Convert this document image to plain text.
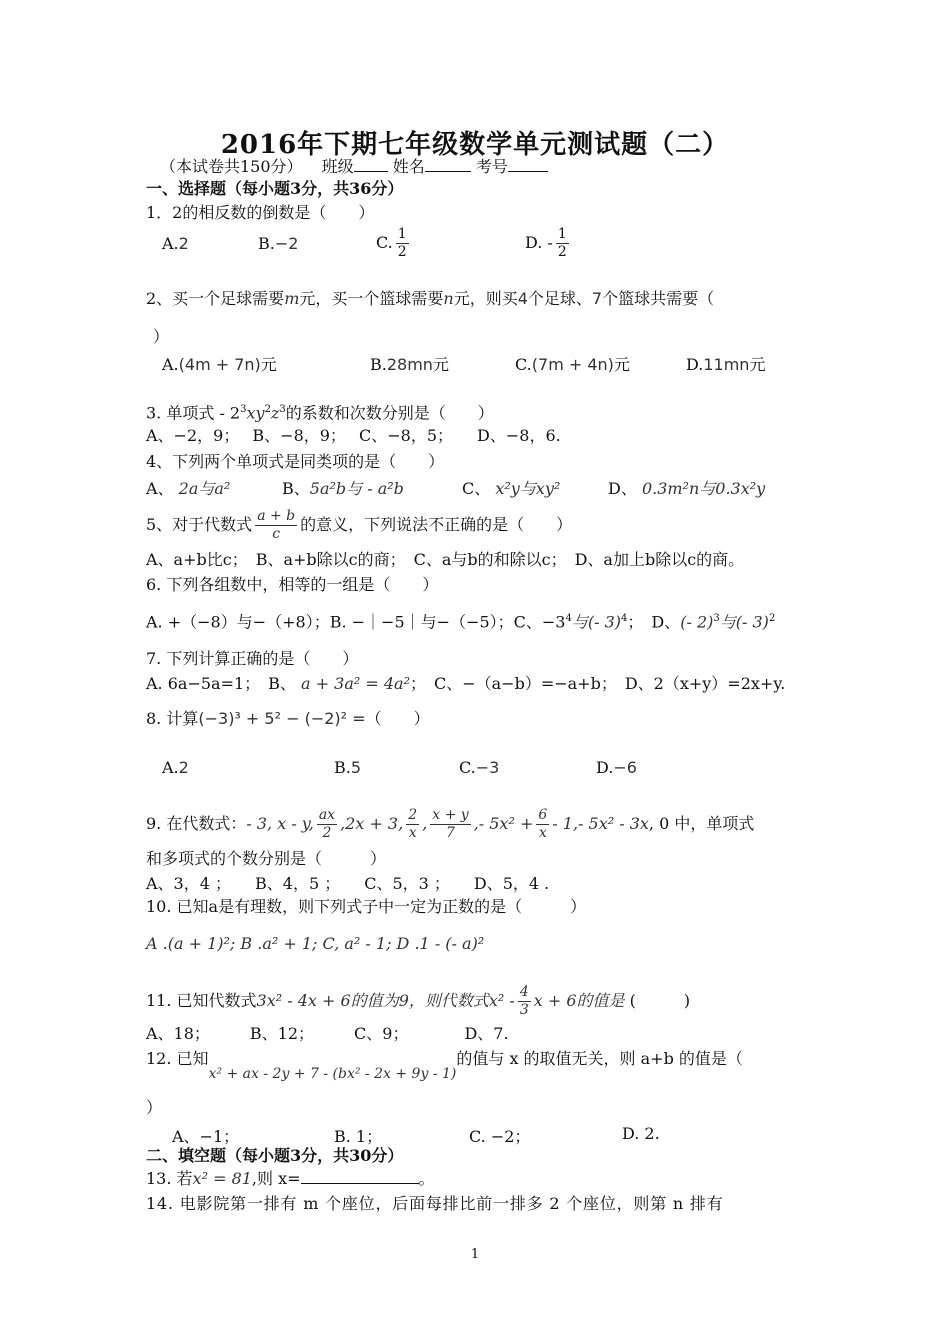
2016年下期七年级数学单元测试题（二）
（本试卷共150分） 班级 姓名	考号
一、选择题（每小题3分，共36分）
1．2的相反数的倒数是（　　）
A.2	B.−2	C. $\frac{1}{2}$	D. - $\frac{1}{2}$
2、买一个足球需要m元，买一个篮球需要n元，则买4个足球、7个篮球共需要（
）
A.(4m + 7n)元	B.28mn元	C.(7m + 4n)元	D.11mn元
3. 单项式 - $2^3xy^2z^3$的系数和次数分别是（　　）
A、−2，9；　 B、−8，9；　 C、−8，5；　　D、−8，6.
4、下列两个单项式是同类项的是（　　）
A、 2a与a²	B、5a²b与 - a²b	C、 x²y与xy²	D、 0.3m²n与0.3x²y
5、对于代数式 $\frac{a + b}{c}$ 的意义，下列说法不正确的是（　　）
A、a+b比c；　B、a+b除以c的商；　C、a与b的和除以c；　D、a加上b除以c的商。
6. 下列各组数中，相等的一组是（　　）
A. +（−8）与−（+8）；B. −｜−5｜与−（−5）；C、$-3^4$与(- 3)$^4$；　D、(- 2)$^3$与(- 3)$^2$
7. 下列计算正确的是（　　）
A. 6a−5a=1；　B、 a + 3a² = 4a²；　C、−（a−b）=−a+b；　D、2（x+y）=2x+y.
8. 计算(−3)³ + 5² − (−2)² =（　　）
A.2	B.5	C.−3	D.−6
9. 在代数式：- 3, x - y, $\frac{ax}{2} ,2x + 3$, $\frac{2}{x}$ , $\frac{x + y}{7}$ ,- $5x^2 + \frac{6}{x} - 1,-$ 5x² - 3x, 0 中，单项式
和多项式的个数分别是（　　　）
A、3，4 ；　　B、4，5 ；　　C、5，3 ；　　D、5，4 .
10. 已知a是有理数，则下列式子中一定为正数的是（　　　）
A .(a + 1)²; B .a² + 1; C, a² - 1; D .1 - (- a)²
11. 已知代数式3x² - 4x + 6的值为9，则代数式$x^2 - \frac{4}{3}$ x + 6的值是 (　　　)
A、18；　　　B、12；　　　C、9；　　　　D、7.
12. 已知x² + ax - 2y + 7 - (bx² - 2x + 9y - 1)的值与 x 的取值无关，则 a+b 的值是（
）
A、−1；	B. 1；	C. −2；	D. 2.
二、填空题（每小题3分，共30分）
13. 若x² = 81,则 x=	。
14. 电影院第一排有 m 个座位，后面每排比前一排多 2 个座位，则第 n 排有
1
